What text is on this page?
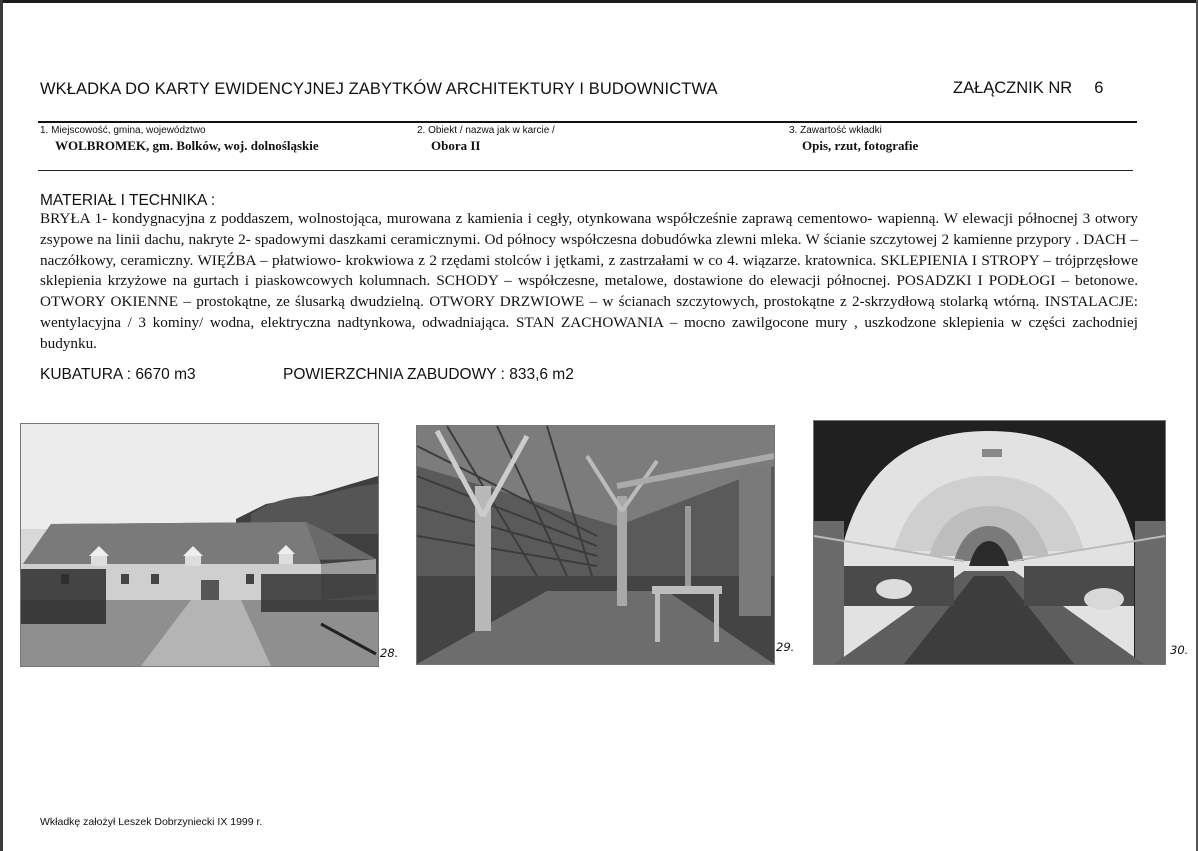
WKŁADKA DO KARTY EWIDENCYJNEJ ZABYTKÓW ARCHITEKTURY I BUDOWNICTWA	ZAŁĄCZNIK NR 6
1. Miejscowość, gmina, województwo
WOLBROMEK, gm. Bolków, woj. dolnośląskie
2. Obiekt / nazwa jak w karcie /
Obora II
3. Zawartość wkładki
Opis, rzut, fotografie
MATERIAŁ I TECHNIKA :

BRYŁA 1- kondygnacyjna z poddaszem, wolnostojąca, murowana z kamienia i cegły, otynkowana współcześnie zaprawą cementowo- wapienną. W elewacji północnej 3 otwory zsypowe na linii dachu, nakryte 2- spadowymi daszkami ceramicznymi. Od północy współczesna dobudówka zlewni mleka. W ścianie szczytowej 2 kamienne przypory . DACH – naczółkowy, ceramiczny. WIĘŹBA – płatwiowo- krokwiowa z 2 rzędami stolców i jętkami, z zastrzałami w co 4. wiązarze. kratownica. SKLEPIENIA I STROPY – trójprzęsłowe sklepienia krzyżowe na gurtach i piaskowcowych kolumnach. SCHODY – współczesne, metalowe, dostawione do elewacji północnej. POSADZKI I PODŁOGI – betonowe. OTWORY OKIENNE – prostokątne, ze ślusarką dwudzielną. OTWORY DRZWIOWE – w ścianach szczytowych, prostokątne z 2-skrzydłową stolarką wtórną. INSTALACJE: wentylacyjna / 3 kominy/ wodna, elektryczna nadtynkowa, odwadniająca. STAN ZACHOWANIA – mocno zawilgocone mury , uszkodzone sklepienia w części zachodniej budynku.

KUBATURA : 6670 m3	POWIERZCHNIA ZABUDOWY : 833,6 m2
28.	29.	30.
Wkładkę założył Leszek Dobrzyniecki IX 1999 r.
